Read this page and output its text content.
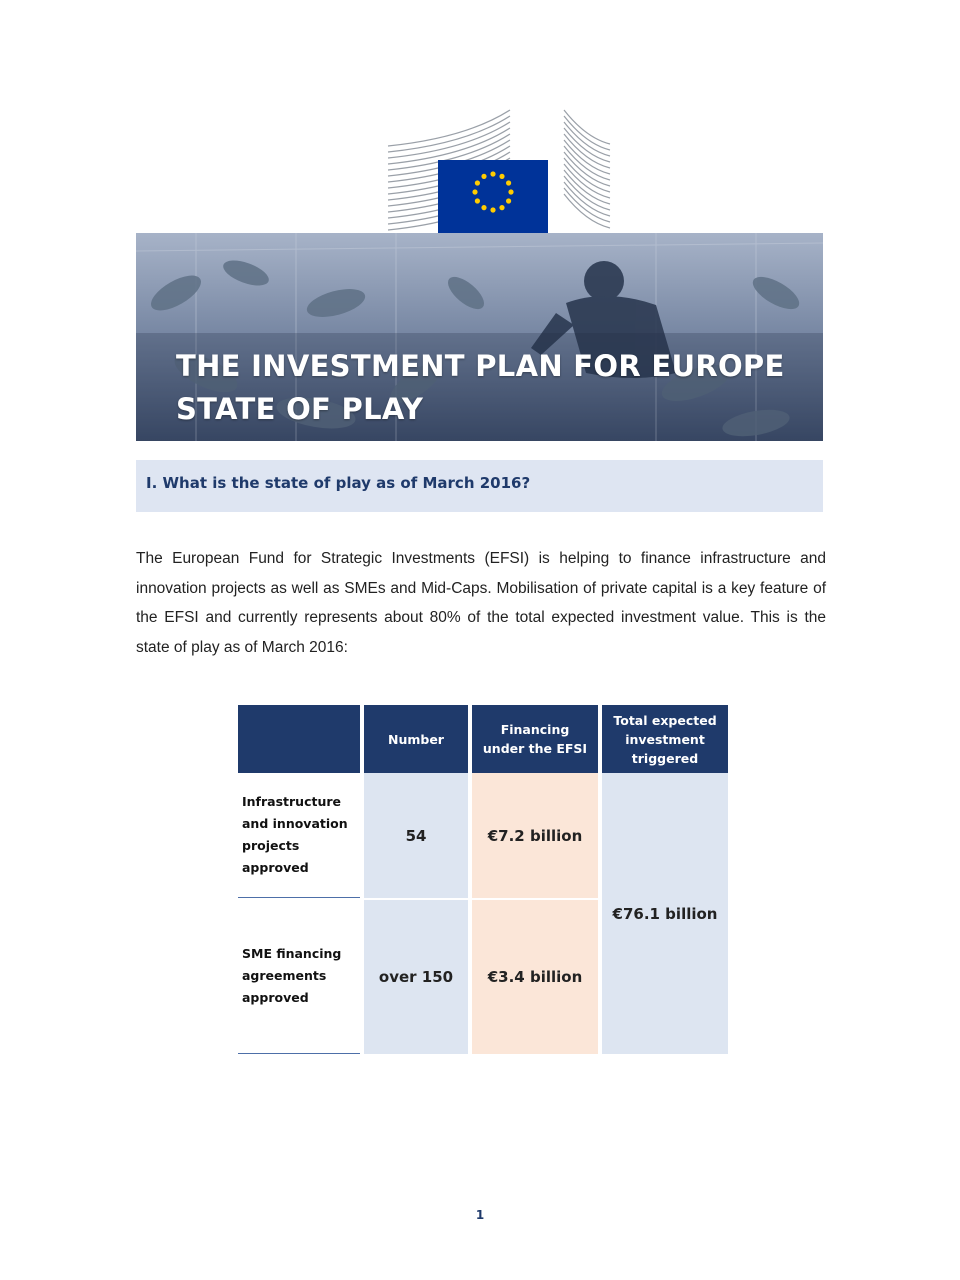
THE INVESTMENT PLAN FOR EUROPE
STATE OF PLAY
I. What is the state of play as of March 2016?

The European Fund for Strategic Investments (EFSI) is helping to finance infrastructure and innovation projects as well as SMEs and Mid-Caps. Mobilisation of private capital is a key feature of the EFSI and currently represents about 80% of the total expected investment value. This is the state of play as of March 2016:

	Number	Financing under the EFSI	Total expected investment triggered
Infrastructure and innovation projects approved	54	€7.2 billion	€76.1 billion
SME financing agreements approved	over 150	€3.4 billion	
1
